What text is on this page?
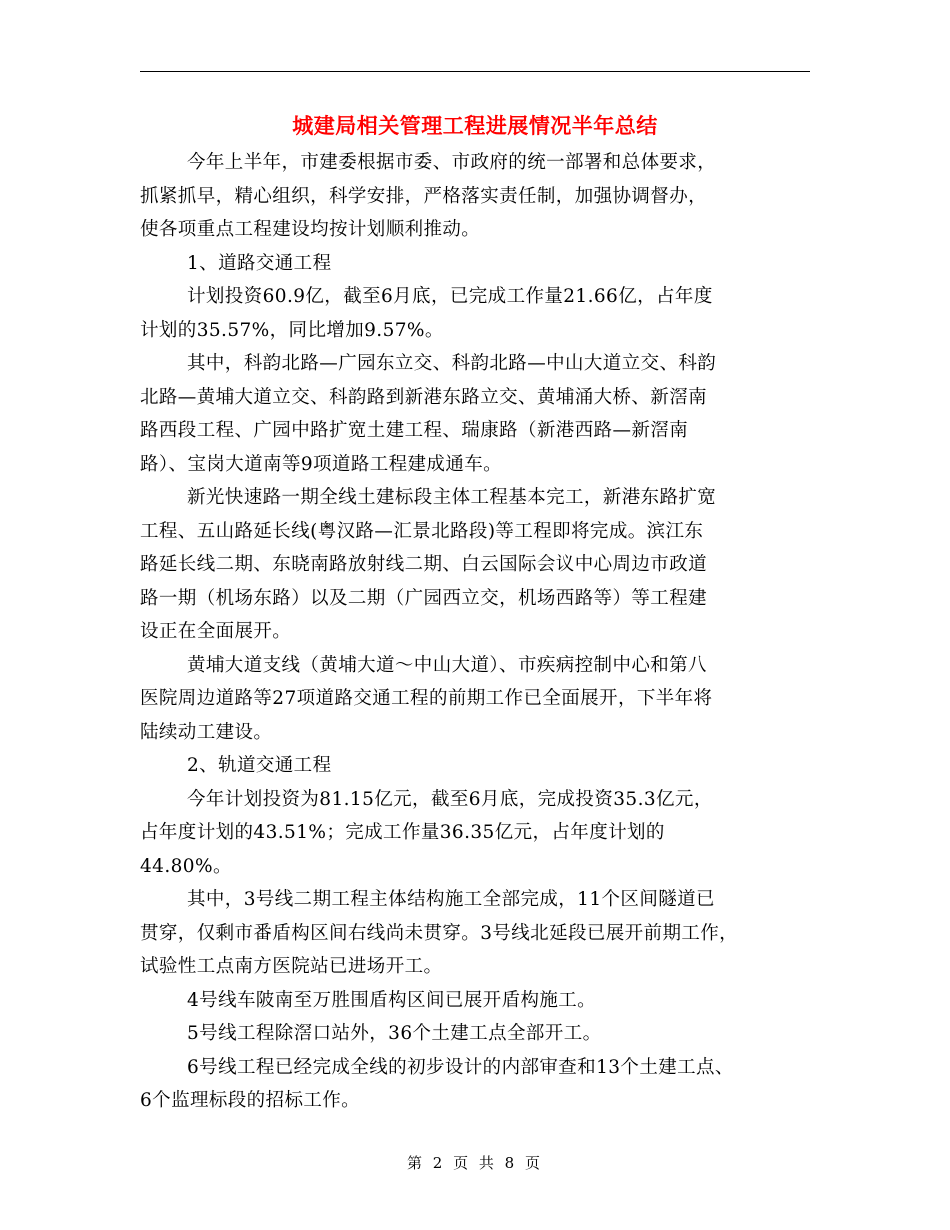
城建局相关管理工程进展情况半年总结

今年上半年，市建委根据市委、市政府的统一部署和总体要求，
抓紧抓早，精心组织，科学安排，严格落实责任制，加强协调督办，
使各项重点工程建设均按计划顺利推动。

1、道路交通工程

计划投资60.9亿，截至6月底，已完成工作量21.66亿，占年度
计划的35.57%，同比增加9.57%。

其中，科韵北路—广园东立交、科韵北路—中山大道立交、科韵
北路—黄埔大道立交、科韵路到新港东路立交、黄埔涌大桥、新滘南
路西段工程、广园中路扩宽土建工程、瑞康路（新港西路—新滘南
路）、宝岗大道南等9项道路工程建成通车。

新光快速路一期全线土建标段主体工程基本完工，新港东路扩宽
工程、五山路延长线(粤汉路—汇景北路段)等工程即将完成。滨江东
路延长线二期、东晓南路放射线二期、白云国际会议中心周边市政道
路一期（机场东路）以及二期（广园西立交，机场西路等）等工程建
设正在全面展开。

黄埔大道支线（黄埔大道～中山大道）、市疾病控制中心和第八
医院周边道路等27项道路交通工程的前期工作已全面展开，下半年将
陆续动工建设。

2、轨道交通工程

今年计划投资为81.15亿元，截至6月底，完成投资35.3亿元，
占年度计划的43.51%；完成工作量36.35亿元，占年度计划的
44.80%。

其中，3号线二期工程主体结构施工全部完成，11个区间隧道已
贯穿，仅剩市番盾构区间右线尚未贯穿。3号线北延段已展开前期工作，
试验性工点南方医院站已进场开工。

4号线车陂南至万胜围盾构区间已展开盾构施工。

5号线工程除滘口站外，36个土建工点全部开工。

6号线工程已经完成全线的初步设计的内部审查和13个土建工点、
6个监理标段的招标工作。

第 2 页 共 8 页
